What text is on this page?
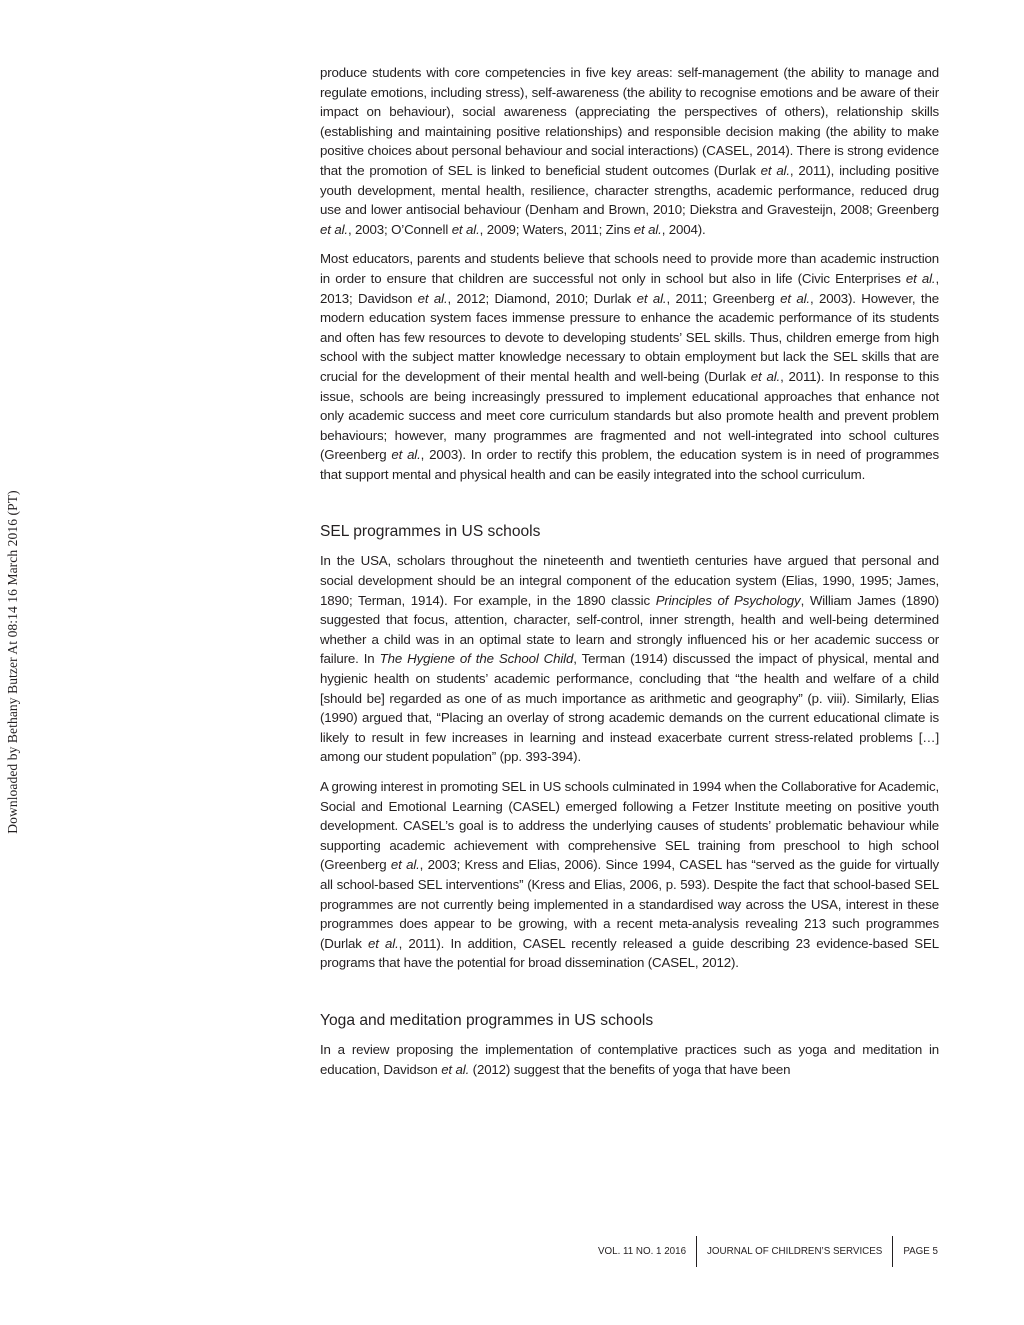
Downloaded by Bethany Butzer At 08:14 16 March 2016 (PT)

produce students with core competencies in five key areas: self-management (the ability to manage and regulate emotions, including stress), self-awareness (the ability to recognise emotions and be aware of their impact on behaviour), social awareness (appreciating the perspectives of others), relationship skills (establishing and maintaining positive relationships) and responsible decision making (the ability to make positive choices about personal behaviour and social interactions) (CASEL, 2014). There is strong evidence that the promotion of SEL is linked to beneficial student outcomes (Durlak et al., 2011), including positive youth development, mental health, resilience, character strengths, academic performance, reduced drug use and lower antisocial behaviour (Denham and Brown, 2010; Diekstra and Gravesteijn, 2008; Greenberg et al., 2003; O’Connell et al., 2009; Waters, 2011; Zins et al., 2004).

Most educators, parents and students believe that schools need to provide more than academic instruction in order to ensure that children are successful not only in school but also in life (Civic Enterprises et al., 2013; Davidson et al., 2012; Diamond, 2010; Durlak et al., 2011; Greenberg et al., 2003). However, the modern education system faces immense pressure to enhance the academic performance of its students and often has few resources to devote to developing students’ SEL skills. Thus, children emerge from high school with the subject matter knowledge necessary to obtain employment but lack the SEL skills that are crucial for the development of their mental health and well-being (Durlak et al., 2011). In response to this issue, schools are being increasingly pressured to implement educational approaches that enhance not only academic success and meet core curriculum standards but also promote health and prevent problem behaviours; however, many programmes are fragmented and not well-integrated into school cultures (Greenberg et al., 2003). In order to rectify this problem, the education system is in need of programmes that support mental and physical health and can be easily integrated into the school curriculum.

SEL programmes in US schools

In the USA, scholars throughout the nineteenth and twentieth centuries have argued that personal and social development should be an integral component of the education system (Elias, 1990, 1995; James, 1890; Terman, 1914). For example, in the 1890 classic Principles of Psychology, William James (1890) suggested that focus, attention, character, self-control, inner strength, health and well-being determined whether a child was in an optimal state to learn and strongly influenced his or her academic success or failure. In The Hygiene of the School Child, Terman (1914) discussed the impact of physical, mental and hygienic health on students’ academic performance, concluding that “the health and welfare of a child [should be] regarded as one of as much importance as arithmetic and geography” (p. viii). Similarly, Elias (1990) argued that, “Placing an overlay of strong academic demands on the current educational climate is likely to result in few increases in learning and instead exacerbate current stress-related problems […] among our student population” (pp. 393-394).

A growing interest in promoting SEL in US schools culminated in 1994 when the Collaborative for Academic, Social and Emotional Learning (CASEL) emerged following a Fetzer Institute meeting on positive youth development. CASEL’s goal is to address the underlying causes of students’ problematic behaviour while supporting academic achievement with comprehensive SEL training from preschool to high school (Greenberg et al., 2003; Kress and Elias, 2006). Since 1994, CASEL has “served as the guide for virtually all school-based SEL interventions” (Kress and Elias, 2006, p. 593). Despite the fact that school-based SEL programmes are not currently being implemented in a standardised way across the USA, interest in these programmes does appear to be growing, with a recent meta-analysis revealing 213 such programmes (Durlak et al., 2011). In addition, CASEL recently released a guide describing 23 evidence-based SEL programs that have the potential for broad dissemination (CASEL, 2012).

Yoga and meditation programmes in US schools

In a review proposing the implementation of contemplative practices such as yoga and meditation in education, Davidson et al. (2012) suggest that the benefits of yoga that have been

VOL. 11 NO. 1 2016	JOURNAL OF CHILDREN’S SERVICES	PAGE 5
